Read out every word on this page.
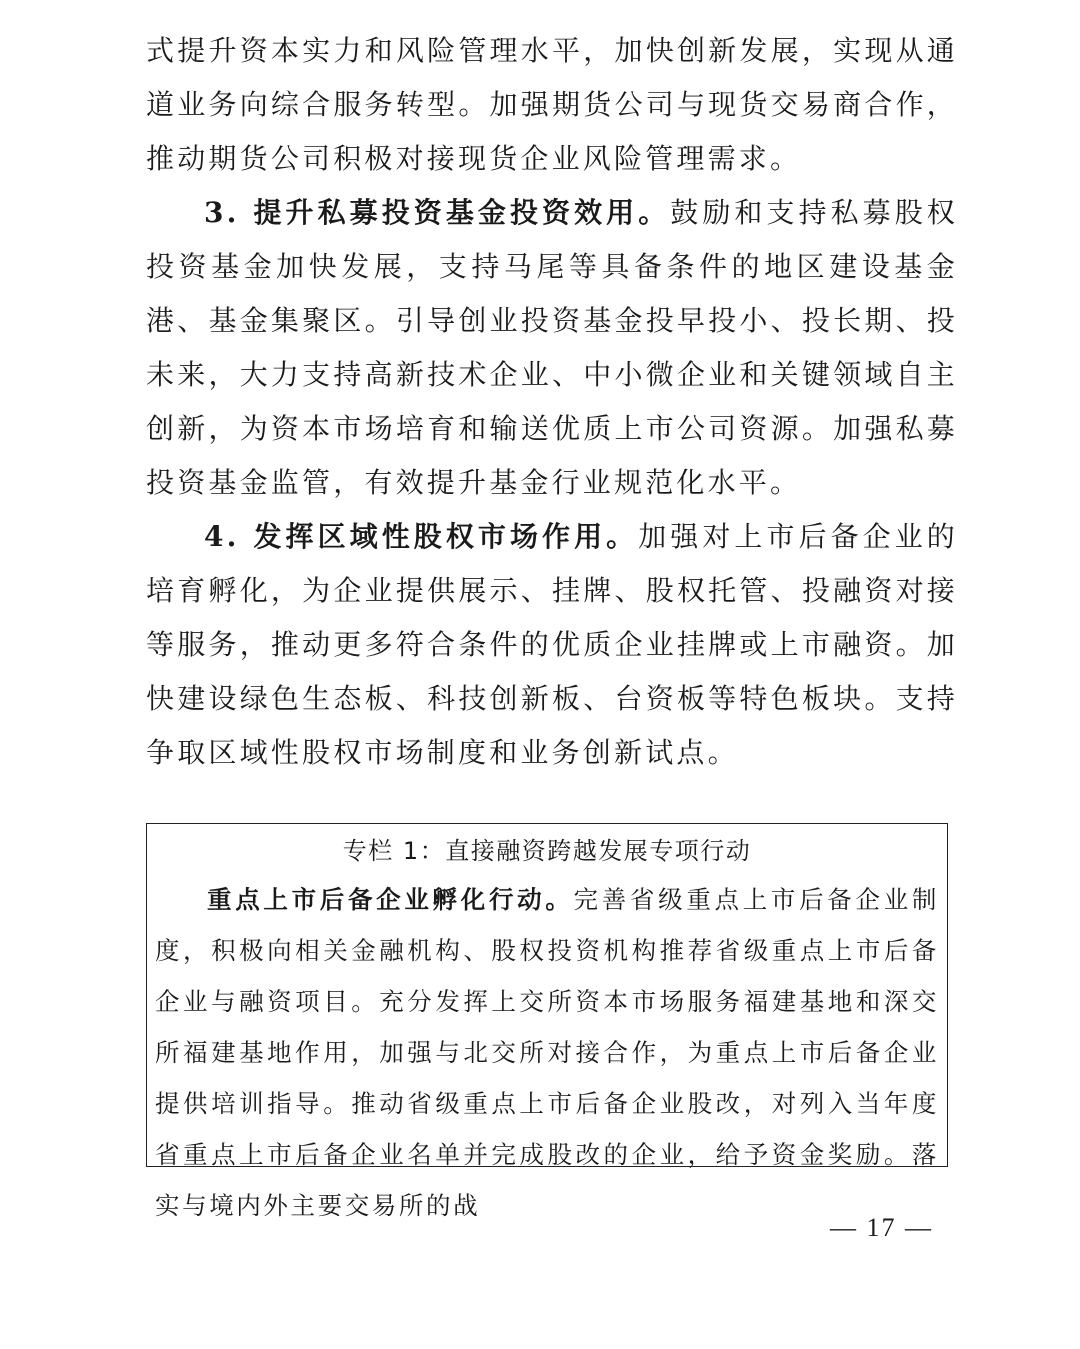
式提升资本实力和风险管理水平，加快创新发展，实现从通道业务向综合服务转型。加强期货公司与现货交易商合作，推动期货公司积极对接现货企业风险管理需求。

3. 提升私募投资基金投资效用。鼓励和支持私募股权投资基金加快发展，支持马尾等具备条件的地区建设基金港、基金集聚区。引导创业投资基金投早投小、投长期、投未来，大力支持高新技术企业、中小微企业和关键领域自主创新，为资本市场培育和输送优质上市公司资源。加强私募投资基金监管，有效提升基金行业规范化水平。

4. 发挥区域性股权市场作用。加强对上市后备企业的培育孵化，为企业提供展示、挂牌、股权托管、投融资对接等服务，推动更多符合条件的优质企业挂牌或上市融资。加快建设绿色生态板、科技创新板、台资板等特色板块。支持争取区域性股权市场制度和业务创新试点。

专栏 1：直接融资跨越发展专项行动

重点上市后备企业孵化行动。完善省级重点上市后备企业制度，积极向相关金融机构、股权投资机构推荐省级重点上市后备企业与融资项目。充分发挥上交所资本市场服务福建基地和深交所福建基地作用，加强与北交所对接合作，为重点上市后备企业提供培训指导。推动省级重点上市后备企业股改，对列入当年度省重点上市后备企业名单并完成股改的企业，给予资金奖励。落实与境内外主要交易所的战

— 17 —
